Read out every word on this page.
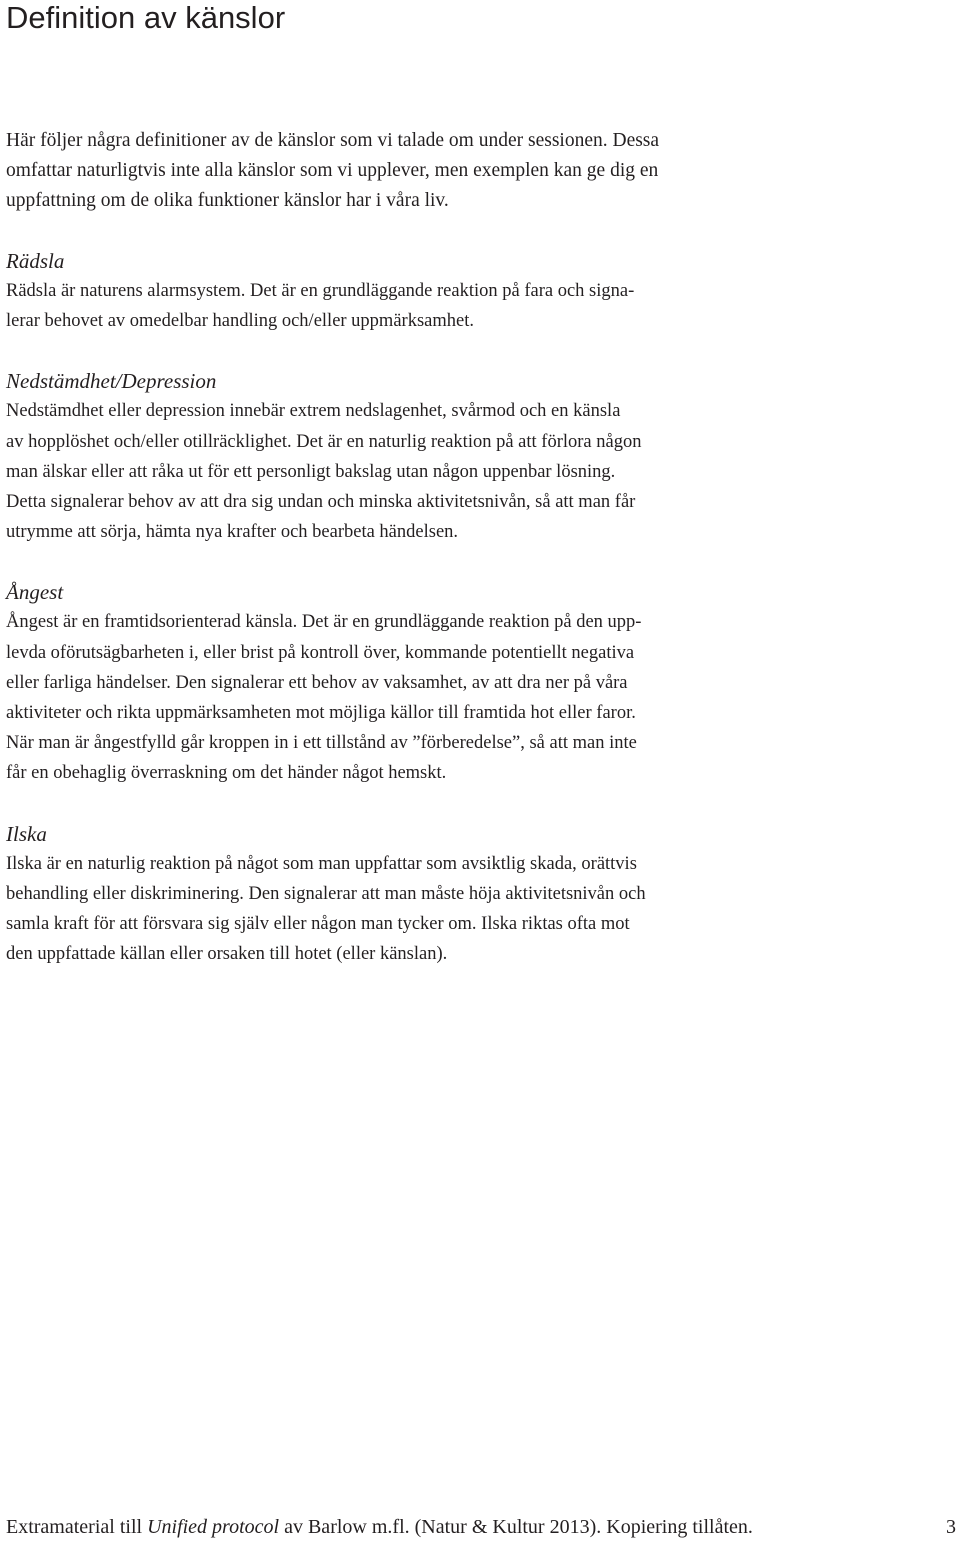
Definition av känslor

Här följer några definitioner av de känslor som vi talade om under sessionen. Dessa
omfattar naturligtvis inte alla känslor som vi upplever, men exemplen kan ge dig en
uppfattning om de olika funktioner känslor har i våra liv.

Rädsla

Rädsla är naturens alarmsystem. Det är en grundläggande reaktion på fara och signa-
lerar behovet av omedelbar handling och/eller uppmärksamhet.

Nedstämdhet/Depression

Nedstämdhet eller depression innebär extrem nedslagenhet, svårmod och en känsla
av hopplöshet och/eller otillräcklighet. Det är en naturlig reaktion på att förlora någon
man älskar eller att råka ut för ett personligt bakslag utan någon uppenbar lösning.
Detta signalerar behov av att dra sig undan och minska aktivitetsnivån, så att man får
utrymme att sörja, hämta nya krafter och bearbeta händelsen.

Ångest

Ångest är en framtidsorienterad känsla. Det är en grundläggande reaktion på den upp-
levda oförutsägbarheten i, eller brist på kontroll över, kommande potentiellt negativa
eller farliga händelser. Den signalerar ett behov av vaksamhet, av att dra ner på våra
aktiviteter och rikta uppmärksamheten mot möjliga källor till framtida hot eller faror.
När man är ångestfylld går kroppen in i ett tillstånd av ”förberedelse”, så att man inte
får en obehaglig överraskning om det händer något hemskt.

Ilska

Ilska är en naturlig reaktion på något som man uppfattar som avsiktlig skada, orättvis
behandling eller diskriminering. Den signalerar att man måste höja aktivitetsnivån och
samla kraft för att försvara sig själv eller någon man tycker om. Ilska riktas ofta mot
den uppfattade källan eller orsaken till hotet (eller känslan).

Extramaterial till Unified protocol av Barlow m.fl. (Natur & Kultur 2013). Kopiering tillåten.	3
